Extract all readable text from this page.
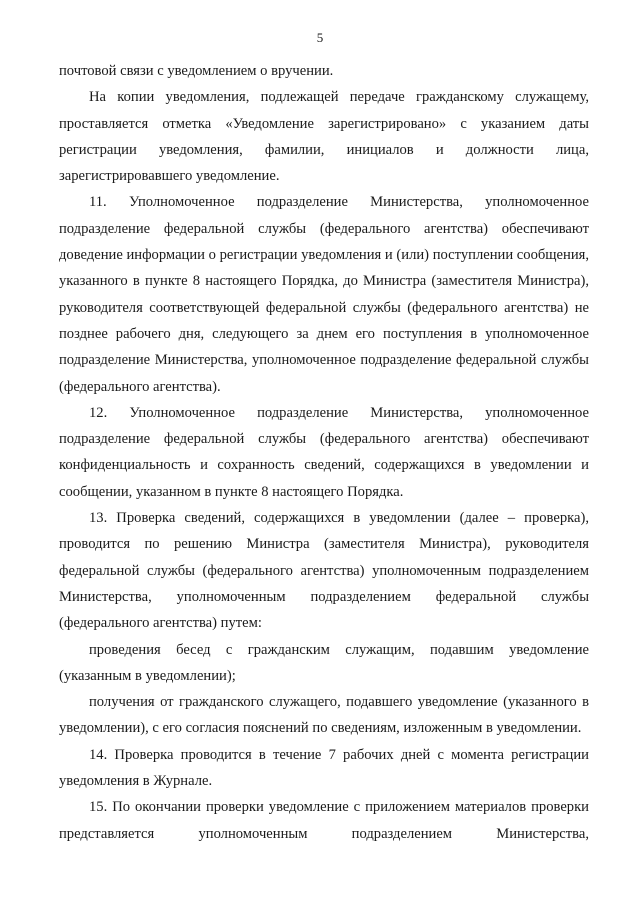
5

почтовой связи с уведомлением о вручении.

На копии уведомления, подлежащей передаче гражданскому служащему, проставляется отметка «Уведомление зарегистрировано» с указанием даты регистрации уведомления, фамилии, инициалов и должности лица, зарегистрировавшего уведомление.

11. Уполномоченное подразделение Министерства, уполномоченное подразделение федеральной службы (федерального агентства) обеспечивают доведение информации о регистрации уведомления и (или) поступлении сообщения, указанного в пункте 8 настоящего Порядка, до Министра (заместителя Министра), руководителя соответствующей федеральной службы (федерального агентства) не позднее рабочего дня, следующего за днем его поступления в уполномоченное подразделение Министерства, уполномоченное подразделение федеральной службы (федерального агентства).

12. Уполномоченное подразделение Министерства, уполномоченное подразделение федеральной службы (федерального агентства) обеспечивают конфиденциальность и сохранность сведений, содержащихся в уведомлении и сообщении, указанном в пункте 8 настоящего Порядка.

13. Проверка сведений, содержащихся в уведомлении (далее – проверка), проводится по решению Министра (заместителя Министра), руководителя федеральной службы (федерального агентства) уполномоченным подразделением Министерства, уполномоченным подразделением федеральной службы (федерального агентства) путем:

проведения бесед с гражданским служащим, подавшим уведомление (указанным в уведомлении);

получения от гражданского служащего, подавшего уведомление (указанного в уведомлении), с его согласия пояснений по сведениям, изложенным в уведомлении.

14. Проверка проводится в течение 7 рабочих дней с момента регистрации уведомления в Журнале.

15. По окончании проверки уведомление с приложением материалов проверки представляется уполномоченным подразделением Министерства,
